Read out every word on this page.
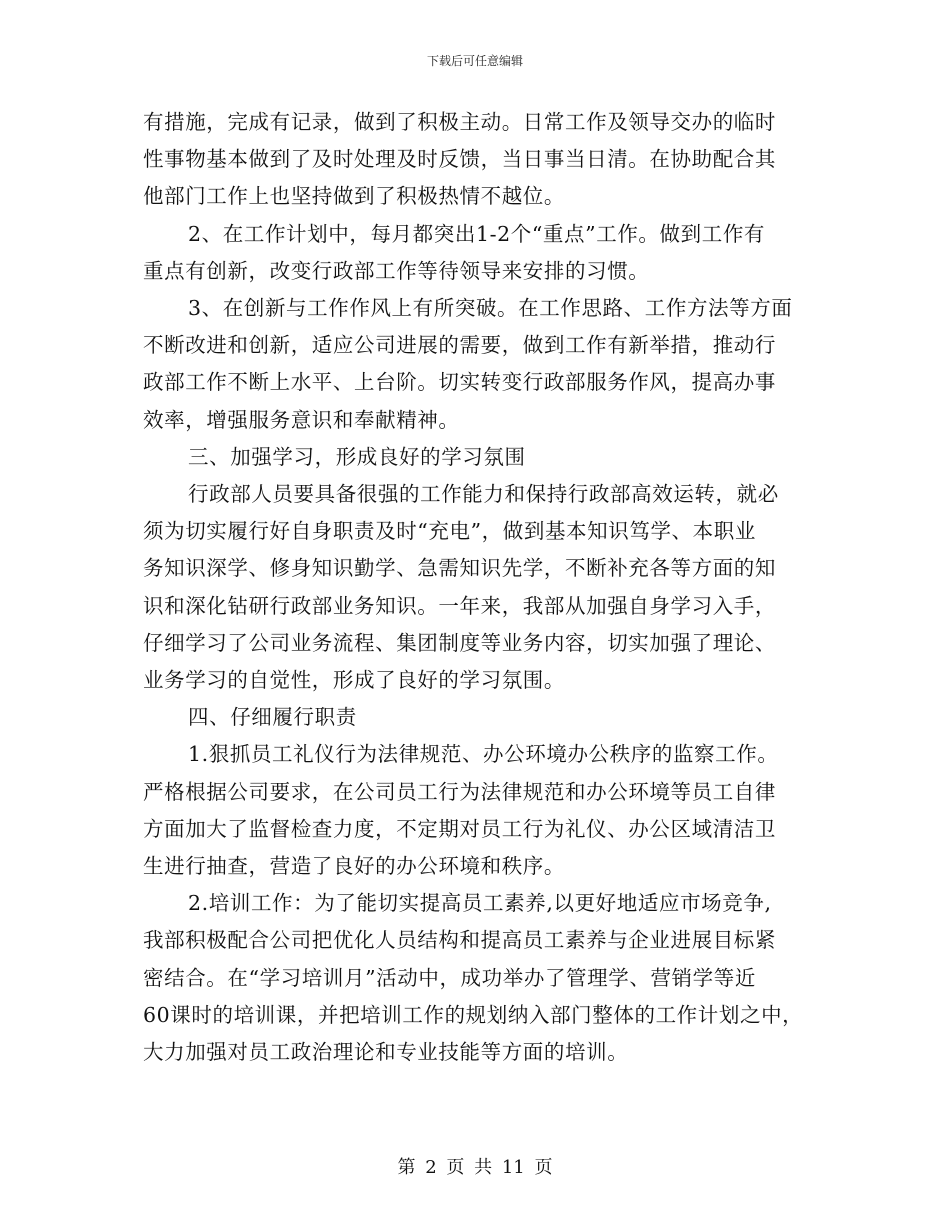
下载后可任意编辑

有措施，完成有记录，做到了积极主动。日常工作及领导交办的临时
性事物基本做到了及时处理及时反馈，当日事当日清。在协助配合其
他部门工作上也坚持做到了积极热情不越位。

2、在工作计划中，每月都突出1-2个“重点”工作。做到工作有
重点有创新，改变行政部工作等待领导来安排的习惯。

3、在创新与工作作风上有所突破。在工作思路、工作方法等方面
不断改进和创新，适应公司进展的需要，做到工作有新举措，推动行
政部工作不断上水平、上台阶。切实转变行政部服务作风，提高办事
效率，增强服务意识和奉献精神。

三、加强学习，形成良好的学习氛围

行政部人员要具备很强的工作能力和保持行政部高效运转，就必
须为切实履行好自身职责及时“充电”，做到基本知识笃学、本职业
务知识深学、修身知识勤学、急需知识先学，不断补充各等方面的知
识和深化钻研行政部业务知识。一年来，我部从加强自身学习入手，
仔细学习了公司业务流程、集团制度等业务内容，切实加强了理论、
业务学习的自觉性，形成了良好的学习氛围。

四、仔细履行职责

1.狠抓员工礼仪行为法律规范、办公环境办公秩序的监察工作。
严格根据公司要求，在公司员工行为法律规范和办公环境等员工自律
方面加大了监督检查力度，不定期对员工行为礼仪、办公区域清洁卫
生进行抽查，营造了良好的办公环境和秩序。

2.培训工作：为了能切实提高员工素养,以更好地适应市场竞争,
我部积极配合公司把优化人员结构和提高员工素养与企业进展目标紧
密结合。在“学习培训月”活动中，成功举办了管理学、营销学等近
60课时的培训课，并把培训工作的规划纳入部门整体的工作计划之中，
大力加强对员工政治理论和专业技能等方面的培训。

第 2 页 共 11 页
